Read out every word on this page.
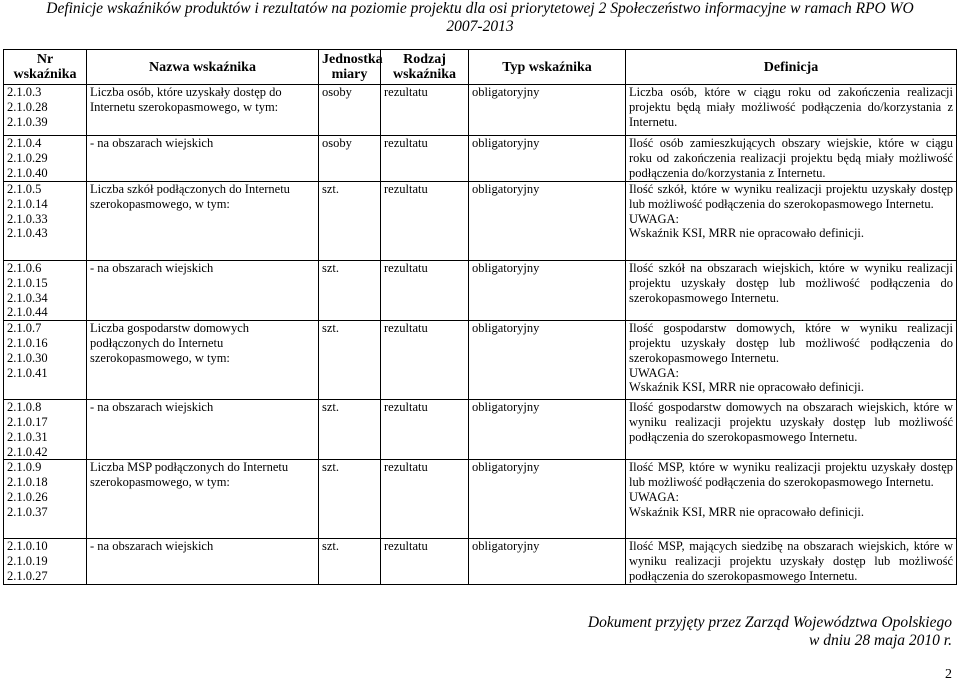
Definicje wskaźników produktów i rezultatów na poziomie projektu dla osi priorytetowej 2 Społeczeństwo informacyjne w ramach RPO WO
2007-2013
Nr wskaźnika	Nazwa wskaźnika	Jednostka miary	Rodzaj wskaźnika	Typ wskaźnika	Definicja

2.1.0.3
2.1.0.28
2.1.0.39	Liczba osób, które uzyskały dostęp do Internetu szerokopasmowego, w tym:	osoby	rezultatu	obligatoryjny	Liczba osób, które w ciągu roku od zakończenia realizacji projektu będą miały możliwość podłączenia do/korzystania z Internetu.

2.1.0.4
2.1.0.29
2.1.0.40	- na obszarach wiejskich	osoby	rezultatu	obligatoryjny	Ilość osób zamieszkujących obszary wiejskie, które w ciągu roku od zakończenia realizacji projektu będą miały możliwość podłączenia do/korzystania z Internetu.

2.1.0.5
2.1.0.14
2.1.0.33
2.1.0.43	Liczba szkół podłączonych do Internetu szerokopasmowego, w tym:	szt.	rezultatu	obligatoryjny	Ilość szkół, które w wyniku realizacji projektu uzyskały dostęp lub możliwość podłączenia do szerokopasmowego Internetu.
UWAGA:
Wskaźnik KSI, MRR nie opracowało definicji.

2.1.0.6
2.1.0.15
2.1.0.34
2.1.0.44	- na obszarach wiejskich	szt.	rezultatu	obligatoryjny	Ilość szkół na obszarach wiejskich, które w wyniku realizacji projektu uzyskały dostęp lub możliwość podłączenia do szerokopasmowego Internetu.

2.1.0.7
2.1.0.16
2.1.0.30
2.1.0.41	Liczba gospodarstw domowych podłączonych do Internetu szerokopasmowego, w tym:	szt.	rezultatu	obligatoryjny	Ilość gospodarstw domowych, które w wyniku realizacji projektu uzyskały dostęp lub możliwość podłączenia do szerokopasmowego Internetu.
UWAGA:
Wskaźnik KSI, MRR nie opracowało definicji.

2.1.0.8
2.1.0.17
2.1.0.31
2.1.0.42	- na obszarach wiejskich	szt.	rezultatu	obligatoryjny	Ilość gospodarstw domowych na obszarach wiejskich, które w wyniku realizacji projektu uzyskały dostęp lub możliwość podłączenia do szerokopasmowego Internetu.

2.1.0.9
2.1.0.18
2.1.0.26
2.1.0.37	Liczba MSP podłączonych do Internetu szerokopasmowego, w tym:	szt.	rezultatu	obligatoryjny	Ilość MSP, które w wyniku realizacji projektu uzyskały dostęp lub możliwość podłączenia do szerokopasmowego Internetu.
UWAGA:
Wskaźnik KSI, MRR nie opracowało definicji.

2.1.0.10
2.1.0.19
2.1.0.27	- na obszarach wiejskich	szt.	rezultatu	obligatoryjny	Ilość MSP, mających siedzibę na obszarach wiejskich, które w wyniku realizacji projektu uzyskały dostęp lub możliwość podłączenia do szerokopasmowego Internetu.
Dokument przyjęty przez Zarząd Województwa Opolskiego
w dniu 28 maja 2010 r.
2
